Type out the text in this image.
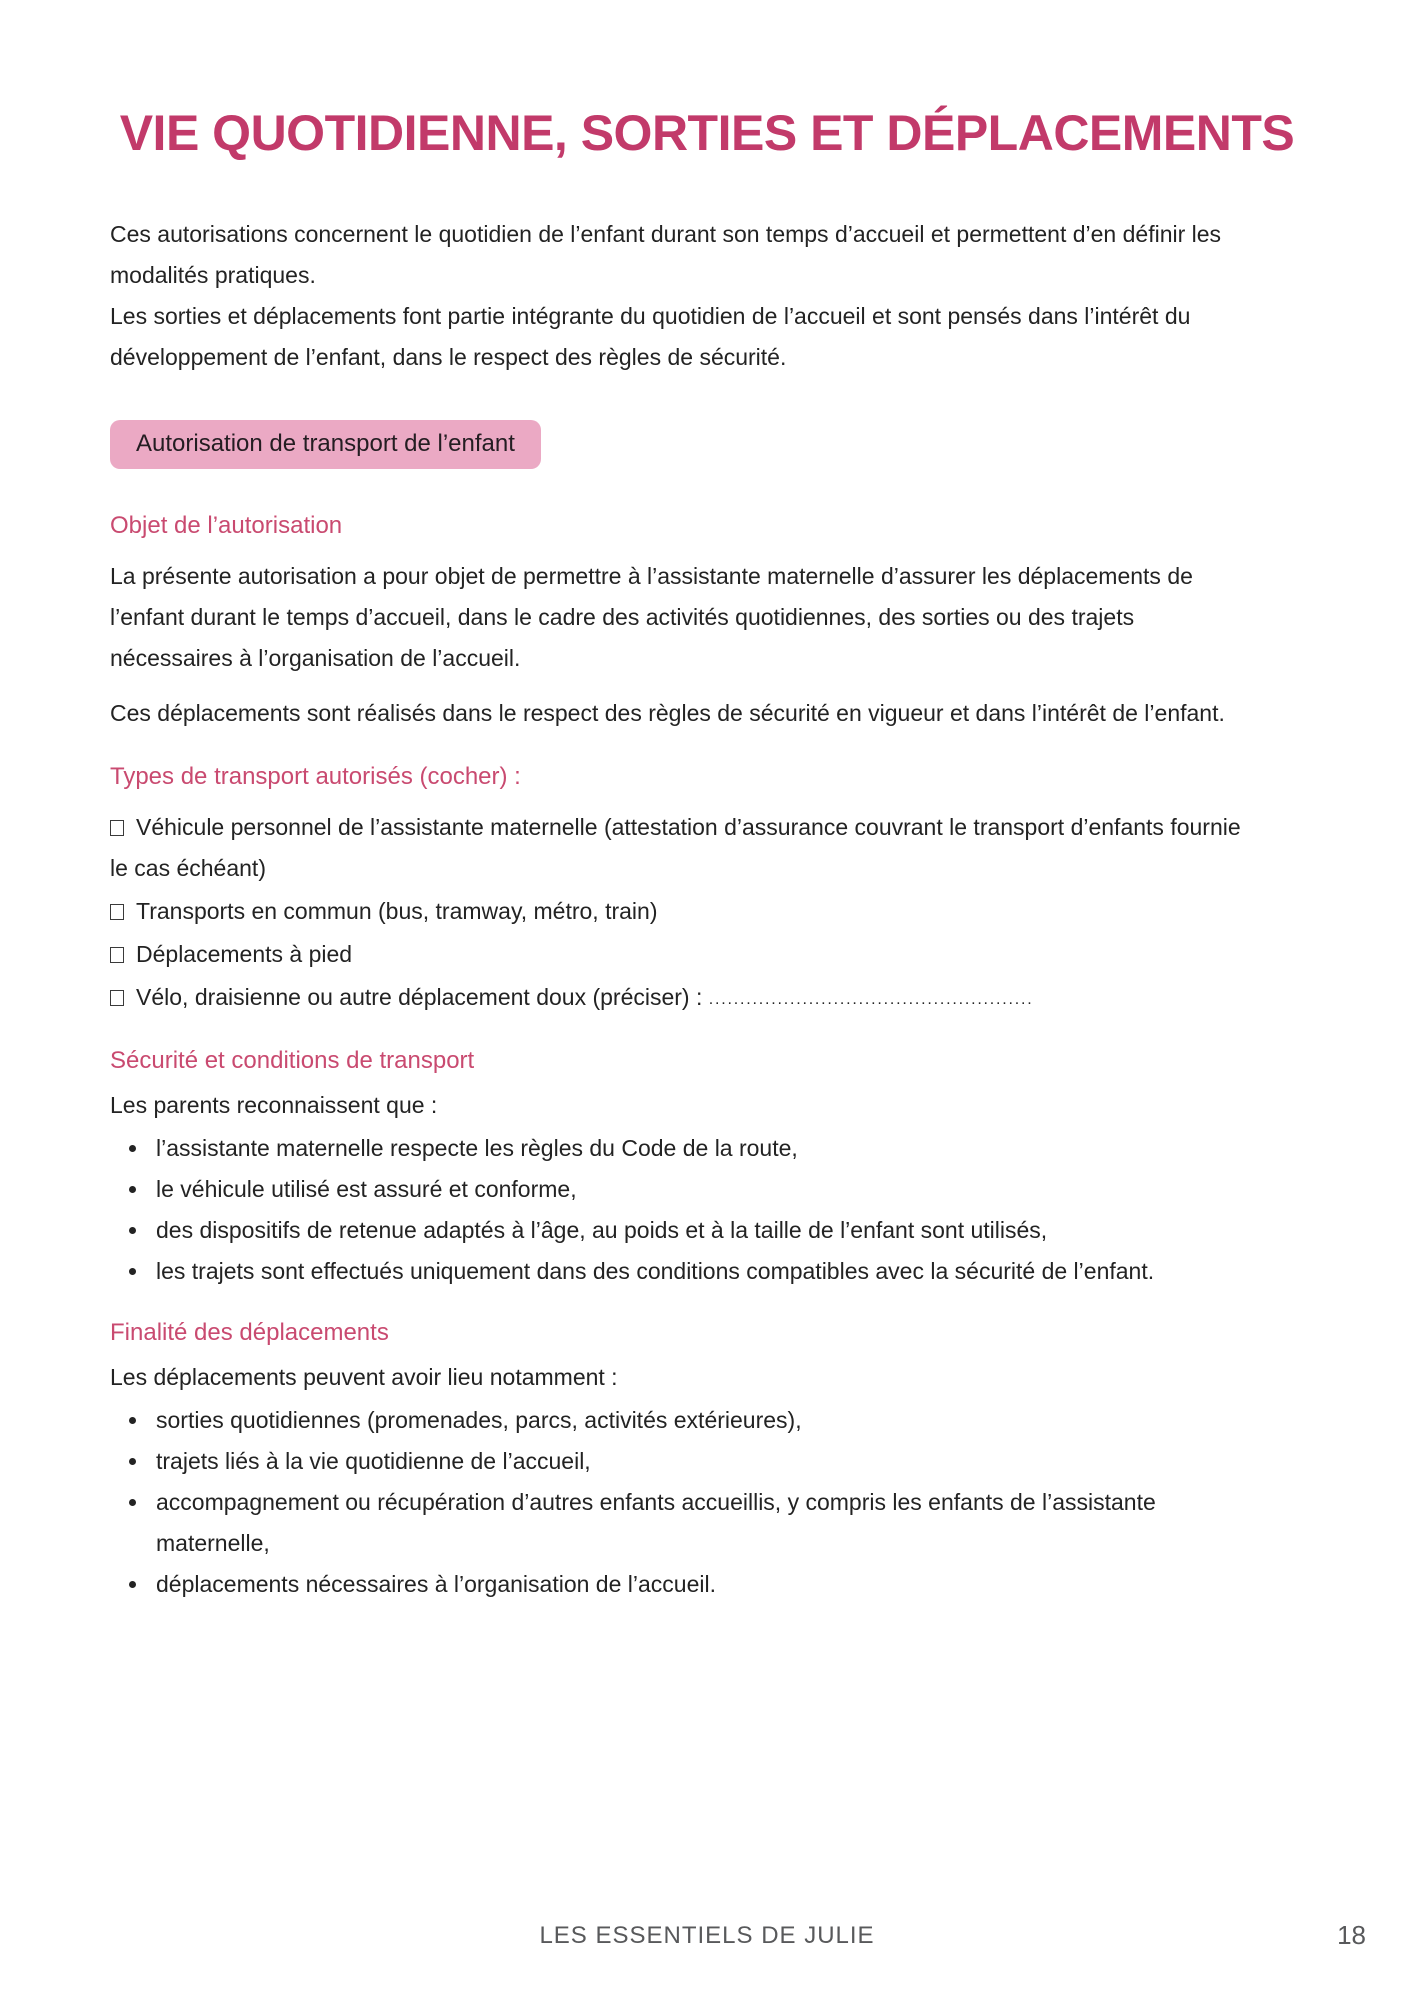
VIE QUOTIDIENNE, SORTIES ET DÉPLACEMENTS

Ces autorisations concernent le quotidien de l’enfant durant son temps d’accueil et permettent d’en définir les modalités pratiques.

Les sorties et déplacements font partie intégrante du quotidien de l’accueil et sont pensés dans l’intérêt du développement de l’enfant, dans le respect des règles de sécurité.

Autorisation de transport de l’enfant
Objet de l’autorisation

La présente autorisation a pour objet de permettre à l’assistante maternelle d’assurer les déplacements de l’enfant durant le temps d’accueil, dans le cadre des activités quotidiennes, des sorties ou des trajets nécessaires à l’organisation de l’accueil.

Ces déplacements sont réalisés dans le respect des règles de sécurité en vigueur et dans l’intérêt de l’enfant.

Types de transport autorisés (cocher) :

Véhicule personnel de l’assistante maternelle (attestation d’assurance couvrant le transport d’enfants fournie le cas échéant)

Transports en commun (bus, tramway, métro, train)

Déplacements à pied

Vélo, draisienne ou autre déplacement doux (préciser) : ....................................................

Sécurité et conditions de transport

Les parents reconnaissent que :

• l’assistante maternelle respecte les règles du Code de la route,
• le véhicule utilisé est assuré et conforme,
• des dispositifs de retenue adaptés à l’âge, au poids et à la taille de l’enfant sont utilisés,
• les trajets sont effectués uniquement dans des conditions compatibles avec la sécurité de l’enfant.
Finalité des déplacements

Les déplacements peuvent avoir lieu notamment :

• sorties quotidiennes (promenades, parcs, activités extérieures),
• trajets liés à la vie quotidienne de l’accueil,
• accompagnement ou récupération d’autres enfants accueillis, y compris les enfants de l’assistante maternelle,
• déplacements nécessaires à l’organisation de l’accueil.
LES ESSENTIELS DE JULIE	18
